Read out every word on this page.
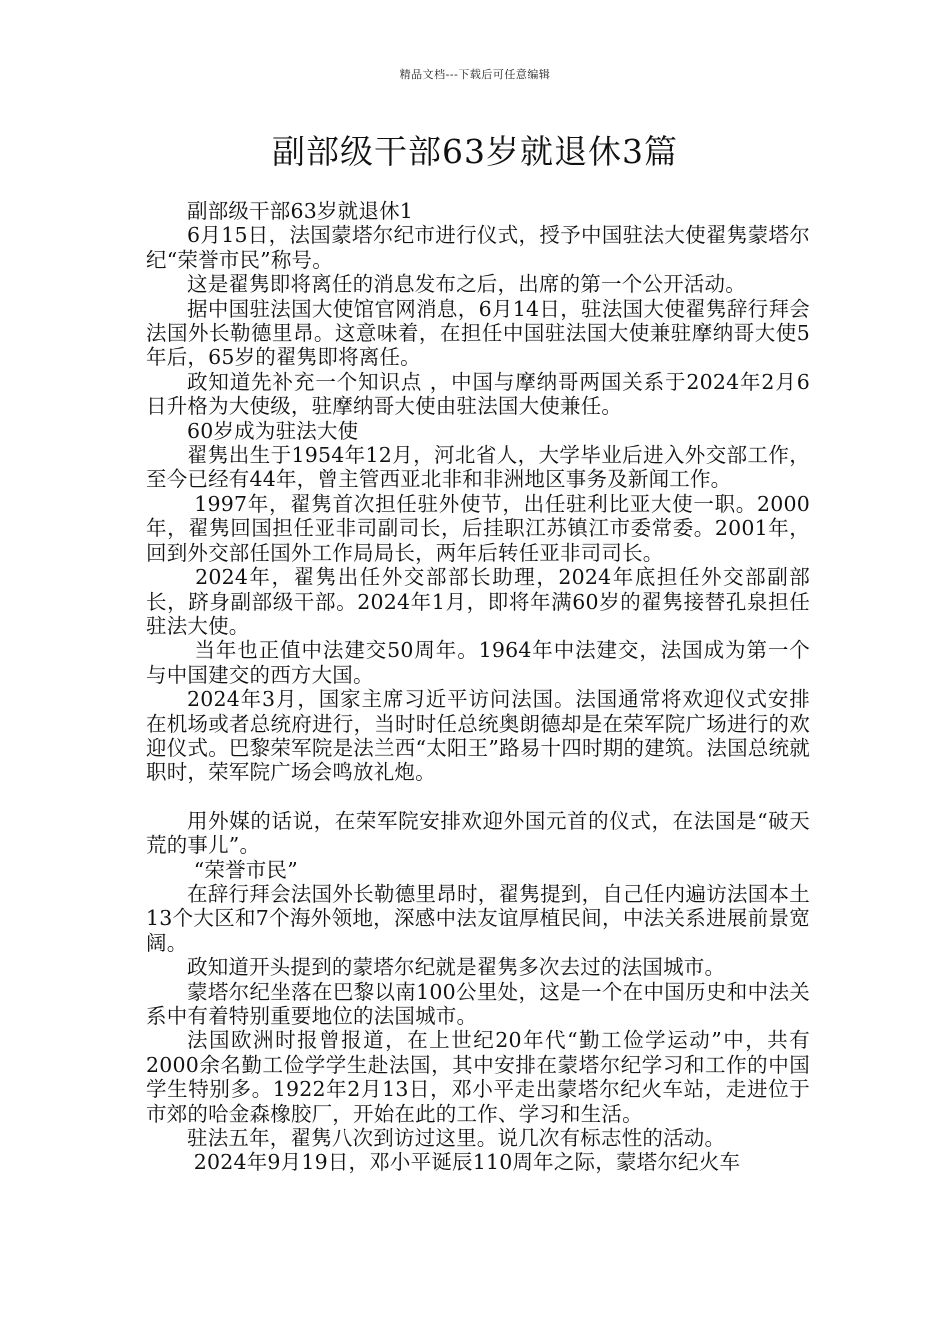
精品文档---下载后可任意编辑
副部级干部63岁就退休3篇

副部级干部63岁就退休1

6月15日，法国蒙塔尔纪市进行仪式，授予中国驻法大使翟隽蒙塔尔纪“荣誉市民”称号。

这是翟隽即将离任的消息发布之后，出席的第一个公开活动。

据中国驻法国大使馆官网消息，6月14日，驻法国大使翟隽辞行拜会法国外长勒德里昂。这意味着，在担任中国驻法国大使兼驻摩纳哥大使5年后，65岁的翟隽即将离任。

政知道先补充一个知识点 ，中国与摩纳哥两国关系于2024年2月6日升格为大使级，驻摩纳哥大使由驻法国大使兼任。

60岁成为驻法大使

翟隽出生于1954年12月，河北省人，大学毕业后进入外交部工作，至今已经有44年，曾主管西亚北非和非洲地区事务及新闻工作。

1997年，翟隽首次担任驻外使节，出任驻利比亚大使一职。2000年，翟隽回国担任亚非司副司长，后挂职江苏镇江市委常委。2001年，回到外交部任国外工作局局长，两年后转任亚非司司长。

2024年，翟隽出任外交部部长助理，2024年底担任外交部副部长，跻身副部级干部。2024年1月，即将年满60岁的翟隽接替孔泉担任驻法大使。

当年也正值中法建交50周年。1964年中法建交，法国成为第一个与中国建交的西方大国。

2024年3月，国家主席习近平访问法国。法国通常将欢迎仪式安排在机场或者总统府进行，当时时任总统奥朗德却是在荣军院广场进行的欢迎仪式。巴黎荣军院是法兰西“太阳王”路易十四时期的建筑。法国总统就职时，荣军院广场会鸣放礼炮。

用外媒的话说，在荣军院安排欢迎外国元首的仪式，在法国是“破天荒的事儿”。

“荣誉市民”

在辞行拜会法国外长勒德里昂时，翟隽提到，自己任内遍访法国本土13个大区和7个海外领地，深感中法友谊厚植民间，中法关系进展前景宽阔。

政知道开头提到的蒙塔尔纪就是翟隽多次去过的法国城市。

蒙塔尔纪坐落在巴黎以南100公里处，这是一个在中国历史和中法关系中有着特别重要地位的法国城市。

法国欧洲时报曾报道，在上世纪20年代“勤工俭学运动”中，共有2000余名勤工俭学学生赴法国，其中安排在蒙塔尔纪学习和工作的中国学生特别多。1922年2月13日，邓小平走出蒙塔尔纪火车站，走进位于市郊的哈金森橡胶厂，开始在此的工作、学习和生活。

驻法五年，翟隽八次到访过这里。说几次有标志性的活动。

2024年9月19日，邓小平诞辰110周年之际，蒙塔尔纪火车
